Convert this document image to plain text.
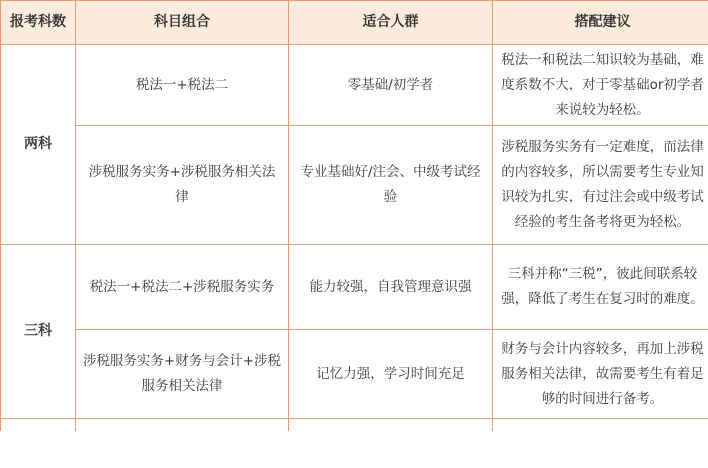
报考科数	科目组合	适合人群	搭配建议
两科	税法一+税法二	零基础/初学者	税法一和税法二知识较为基础，难度系数不大，对于零基础or初学者来说较为轻松。
	涉税服务实务+涉税服务相关法律	专业基础好/注会、中级考试经验	涉税服务实务有一定难度，而法律的内容较多，所以需要考生专业知识较为扎实，有过注会或中级考试经验的考生备考将更为轻松。
三科	税法一+税法二+涉税服务实务	能力较强，自我管理意识强	三科并称“三税”，彼此间联系较强，降低了考生在复习时的难度。
	涉税服务实务+财务与会计+涉税服务相关法律	记忆力强，学习时间充足	财务与会计内容较多，再加上涉税服务相关法律，故需要考生有着足够的时间进行备考。
